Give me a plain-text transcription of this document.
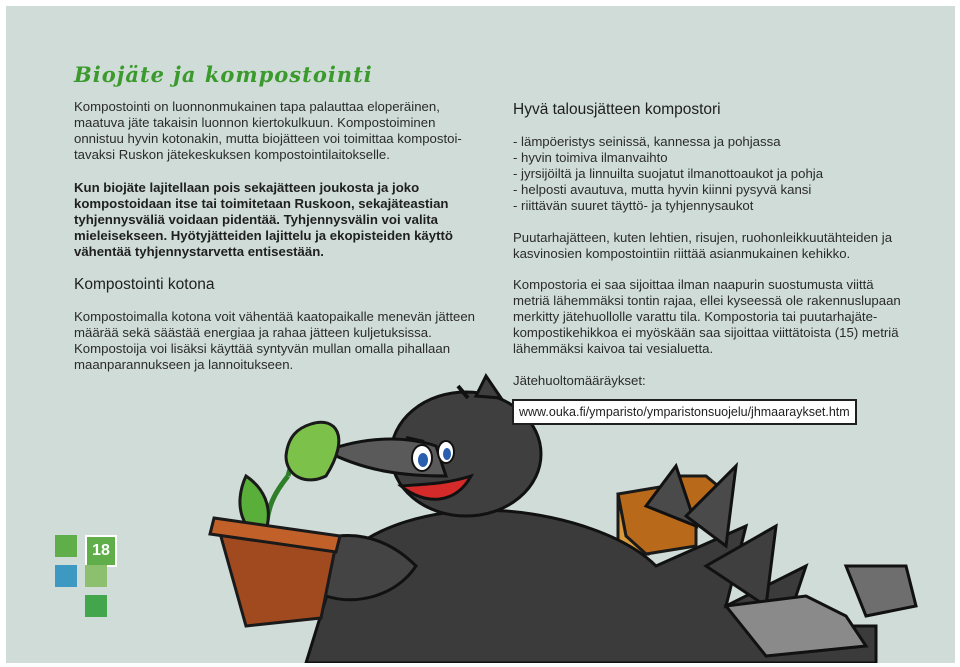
Biojäte ja kompostointi
Kompostointi on luonnonmukainen tapa palauttaa eloperäinen,
maatuva jäte takaisin luonnon kiertokulkuun. Kompostoiminen
onnistuu hyvin kotonakin, mutta biojätteen voi toimittaa kompostoi-
tavaksi Ruskon jätekeskuksen kompostointilaitokselle.
Kun biojäte lajitellaan pois sekajätteen joukosta ja joko
kompostoidaan itse tai toimitetaan Ruskoon, sekajäteastian
tyhjennysväliä voidaan pidentää. Tyhjennysvälin voi valita
mieleisekseen. Hyötyjätteiden lajittelu ja ekopisteiden käyttö
vähentää tyhjennystarvetta entisestään.
Kompostointi kotona
Kompostoimalla kotona voit vähentää kaatopaikalle menevän jätteen
määrää sekä säästää energiaa ja rahaa jätteen kuljetuksissa.
Kompostoija voi lisäksi käyttää syntyvän mullan omalla pihallaan
maanparannukseen ja lannoitukseen.
Hyvä talousjätteen kompostori
- lämpöeristys seinissä, kannessa ja pohjassa
- hyvin toimiva ilmanvaihto
- jyrsijöiltä ja linnuilta suojatut ilmanottoaukot ja pohja
- helposti avautuva, mutta hyvin kiinni pysyvä kansi
- riittävän suuret täyttö- ja tyhjennysaukot
Puutarhajätteen, kuten lehtien, risujen, ruohonleikkuutähteiden ja
kasvinosien kompostointiin riittää asianmukainen kehikko.
Kompostoria ei saa sijoittaa ilman naapurin suostumusta viittä
metriä lähemmäksi tontin rajaa, ellei kyseessä ole rakennuslupaan
merkitty jätehuollolle varattu tila. Kompostoria tai puutarhajäte-
kompostikehikkoa ei myöskään saa sijoittaa viittätoista (15) metriä
lähemmäksi kaivoa tai vesialuetta.
Jätehuoltomääräykset:
www.ouka.fi/ymparisto/ymparistonsuojelu/jhmaaraykset.htm
18
